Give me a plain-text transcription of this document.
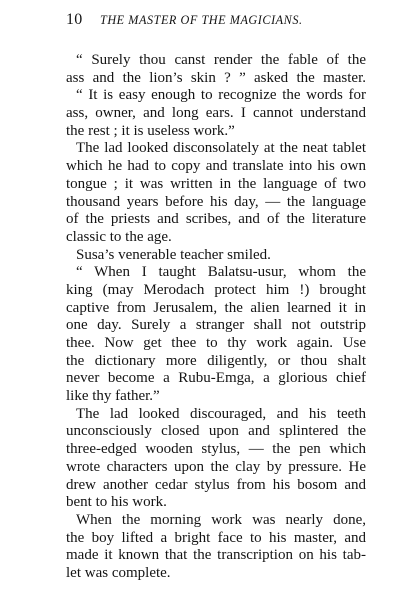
10 THE MASTER OF THE MAGICIANS.
“ Surely thou canst render the fable of the
ass and the lion’s skin ? ” asked the master.
“ It is easy enough to recognize the words for
ass, owner, and long ears. I cannot understand
the rest ; it is useless work.”
The lad looked disconsolately at the neat tablet
which he had to copy and translate into his own
tongue ; it was written in the language of two
thousand years before his day, — the language
of the priests and scribes, and of the literature
classic to the age.
Susa’s venerable teacher smiled.
“ When I taught Balatsu-usur, whom the
king (may Merodach protect him !) brought
captive from Jerusalem, the alien learned it in
one day. Surely a stranger shall not outstrip
thee. Now get thee to thy work again. Use
the dictionary more diligently, or thou shalt
never become a Rubu-Emga, a glorious chief
like thy father.”
The lad looked discouraged, and his teeth
unconsciously closed upon and splintered the
three-edged wooden stylus, — the pen which
wrote characters upon the clay by pressure. He
drew another cedar stylus from his bosom and
bent to his work.
When the morning work was nearly done,
the boy lifted a bright face to his master, and
made it known that the transcription on his tab-
let was complete.
